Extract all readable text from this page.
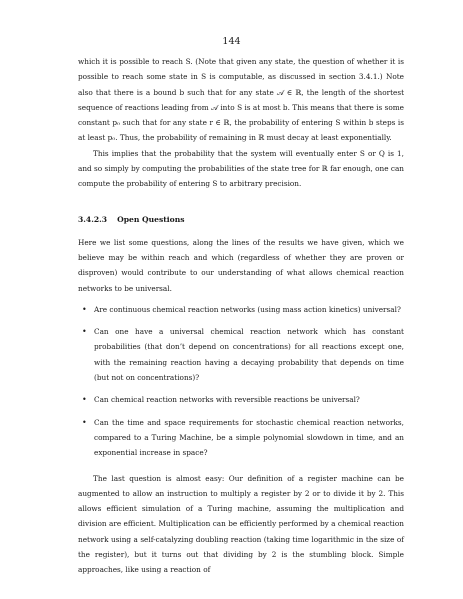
144

which it is possible to reach S. (Note that given any state, the question of whether it is possible to reach some state in S is computable, as discussed in section 3.4.1.) Note also that there is a bound b such that for any state 𝒜 ∈ ℝ, the length of the shortest sequence of reactions leading from 𝒜 into S is at most b. This means that there is some constant p₀ such that for any state r ∈ ℝ, the probability of entering S within b steps is at least p₀. Thus, the probability of remaining in ℝ must decay at least exponentially.

This implies that the probability that the system will eventually enter S or Q is 1, and so simply by computing the probabilities of the state tree for ℝ far enough, one can compute the probability of entering S to arbitrary precision.

3.4.2.3 Open Questions

Here we list some questions, along the lines of the results we have given, which we believe may be within reach and which (regardless of whether they are proven or disproven) would contribute to our understanding of what allows chemical reaction networks to be universal.

• Are continuous chemical reaction networks (using mass action kinetics) universal?
• Can one have a universal chemical reaction network which has constant probabilities (that don’t depend on concentrations) for all reactions except one, with the remaining reaction having a decaying probability that depends on time (but not on concentrations)?
• Can chemical reaction networks with reversible reactions be universal?
• Can the time and space requirements for stochastic chemical reaction networks, compared to a Turing Machine, be a simple polynomial slowdown in time, and an exponential increase in space?

The last question is almost easy: Our definition of a register machine can be augmented to allow an instruction to multiply a register by 2 or to divide it by 2. This allows efficient simulation of a Turing machine, assuming the multiplication and division are efficient. Multiplication can be efficiently performed by a chemical reaction network using a self-catalyzing doubling reaction (taking time logarithmic in the size of the register), but it turns out that dividing by 2 is the stumbling block. Simple approaches, like using a reaction of
